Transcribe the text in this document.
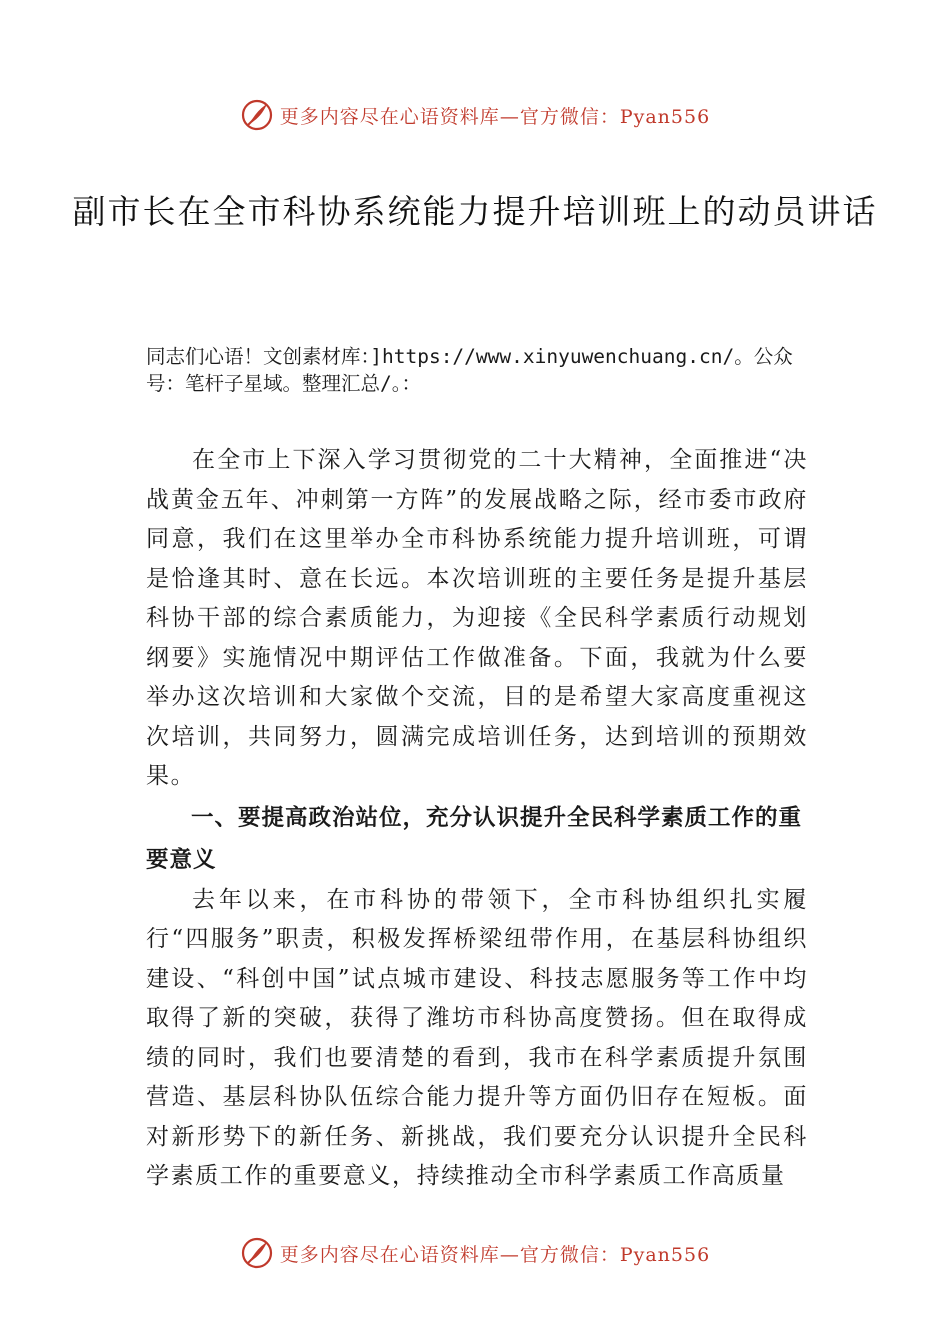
更多内容尽在心语资料库—官方微信：Pyan556
副市长在全市科协系统能力提升培训班上的动员讲话
同志们心语！文创素材库：]https://www.xinyuwenchuang.cn/。公众号：笔杆子星域。整理汇总/。：

在全市上下深入学习贯彻党的二十大精神，全面推进“决战黄金五年、冲刺第一方阵”的发展战略之际，经市委市政府同意，我们在这里举办全市科协系统能力提升培训班，可谓是恰逢其时、意在长远。本次培训班的主要任务是提升基层科协干部的综合素质能力，为迎接《全民科学素质行动规划纲要》实施情况中期评估工作做准备。下面，我就为什么要举办这次培训和大家做个交流，目的是希望大家高度重视这次培训，共同努力，圆满完成培训任务，达到培训的预期效果。

一、要提高政治站位，充分认识提升全民科学素质工作的重要意义

去年以来，在市科协的带领下，全市科协组织扎实履行“四服务”职责，积极发挥桥梁纽带作用，在基层科协组织建设、“科创中国”试点城市建设、科技志愿服务等工作中均取得了新的突破，获得了潍坊市科协高度赞扬。但在取得成绩的同时，我们也要清楚的看到，我市在科学素质提升氛围营造、基层科协队伍综合能力提升等方面仍旧存在短板。面对新形势下的新任务、新挑战，我们要充分认识提升全民科学素质工作的重要意义，持续推动全市科学素质工作高质量

更多内容尽在心语资料库—官方微信：Pyan556
